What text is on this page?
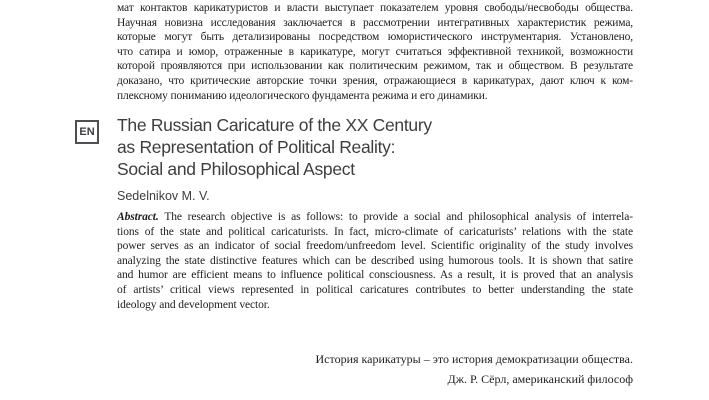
мат контактов карикатуристов и власти выступает показателем уровня свободы/несвободы общества.
Научная новизна исследования заключается в рассмотрении интегративных характеристик режима,
которые могут быть детализированы посредством юмористического инструментария. Установлено,
что сатира и юмор, отраженные в карикатуре, могут считаться эффективной техникой, возможности
которой проявляются при использовании как политическим режимом, так и обществом. В результате
доказано, что критические авторские точки зрения, отражающиеся в карикатурах, дают ключ к ком-
плексному пониманию идеологического фундамента режима и его динамики.
EN The Russian Caricature of the XX Century
as Representation of Political Reality:
Social and Philosophical Aspect
Sedelnikov M. V.
Abstract. The research objective is as follows: to provide a social and philosophical analysis of interrela-
tions of the state and political caricaturists. In fact, micro-climate of caricaturists’ relations with the state
power serves as an indicator of social freedom/unfreedom level. Scientific originality of the study involves
analyzing the state distinctive features which can be described using humorous tools. It is shown that satire
and humor are efficient means to influence political consciousness. As a result, it is proved that an analysis
of artists’ critical views represented in political caricatures contributes to better understanding the state
ideology and development vector.
История карикатуры – это история демократизации общества.
Дж. Р. Сёрл, американский философ
